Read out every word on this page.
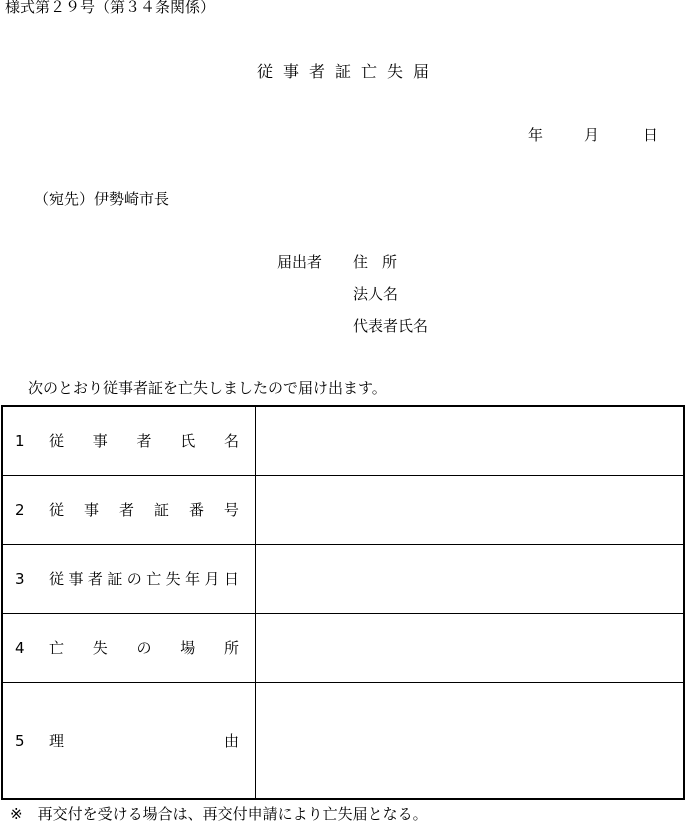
様式第２９号（第３４条関係）
従事者証亡失届
年	月	日
（宛先）伊勢崎市長
届出者 住所
法人名
代表者氏名
次のとおり従事者証を亡失しましたので届け出ます。
1 従 事 者 氏 名
2 従 事 者 証 番 号
3 従 事 者 証 の 亡 失 年 月 日
4 亡 失 の 場 所
5 理	由
※　再交付を受ける場合は、再交付申請により亡失届となる。
